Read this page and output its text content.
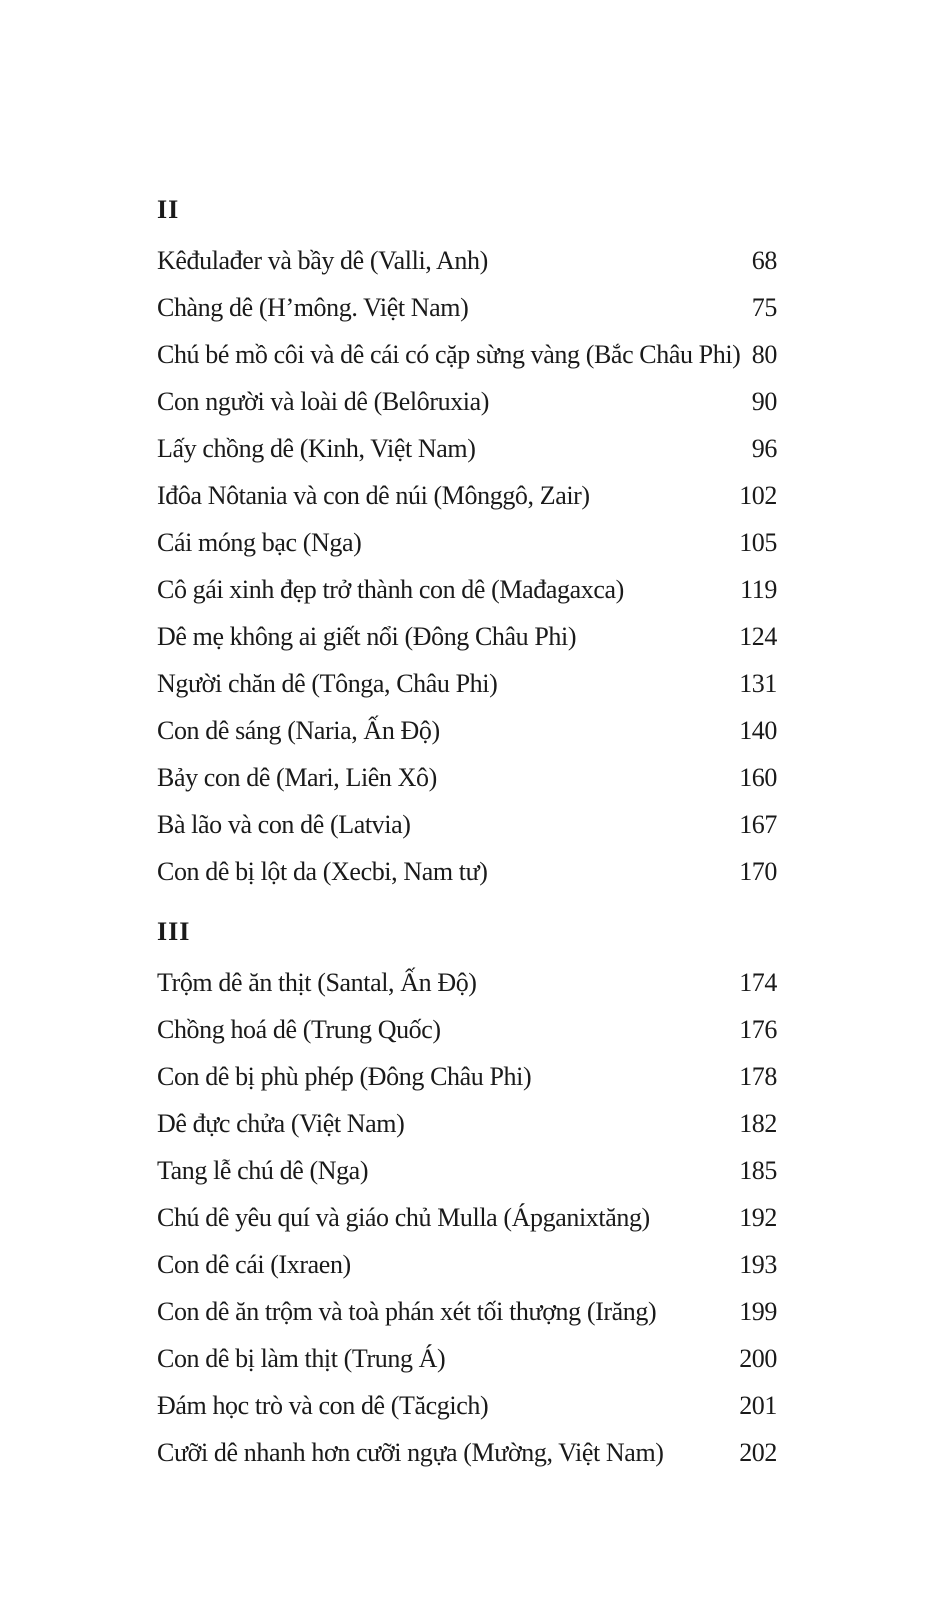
II
Kêđulađer và bầy dê (Valli, Anh)	68
Chàng dê (H’mông. Việt Nam)	75
Chú bé mồ côi và dê cái có cặp sừng vàng (Bắc Châu Phi) 80
Con người và loài dê (Belôruxia)	90
Lấy chồng dê (Kinh, Việt Nam)	96
Iđôa Nôtania và con dê núi (Mônggô, Zair)	102
Cái móng bạc (Nga)	105
Cô gái xinh đẹp trở thành con dê (Mađagaxca)	119
Dê mẹ không ai giết nổi (Đông Châu Phi)	124
Người chăn dê (Tônga, Châu Phi)	131
Con dê sáng (Naria, Ấn Độ)	140
Bảy con dê (Mari, Liên Xô)	160
Bà lão và con dê (Latvia)	167
Con dê bị lột da (Xecbi, Nam tư)	170
III
Trộm dê ăn thịt (Santal, Ấn Độ)	174
Chồng hoá dê (Trung Quốc)	176
Con dê bị phù phép (Đông Châu Phi)	178
Dê đực chửa (Việt Nam)	182
Tang lễ chú dê (Nga)	185
Chú dê yêu quí và giáo chủ Mulla (Ápganixtăng)	192
Con dê cái (Ixraen)	193
Con dê ăn trộm và toà phán xét tối thượng (Irăng)	199
Con dê bị làm thịt (Trung Á)	200
Đám học trò và con dê (Tăcgich)	201
Cưỡi dê nhanh hơn cưỡi ngựa (Mường, Việt Nam)	202
